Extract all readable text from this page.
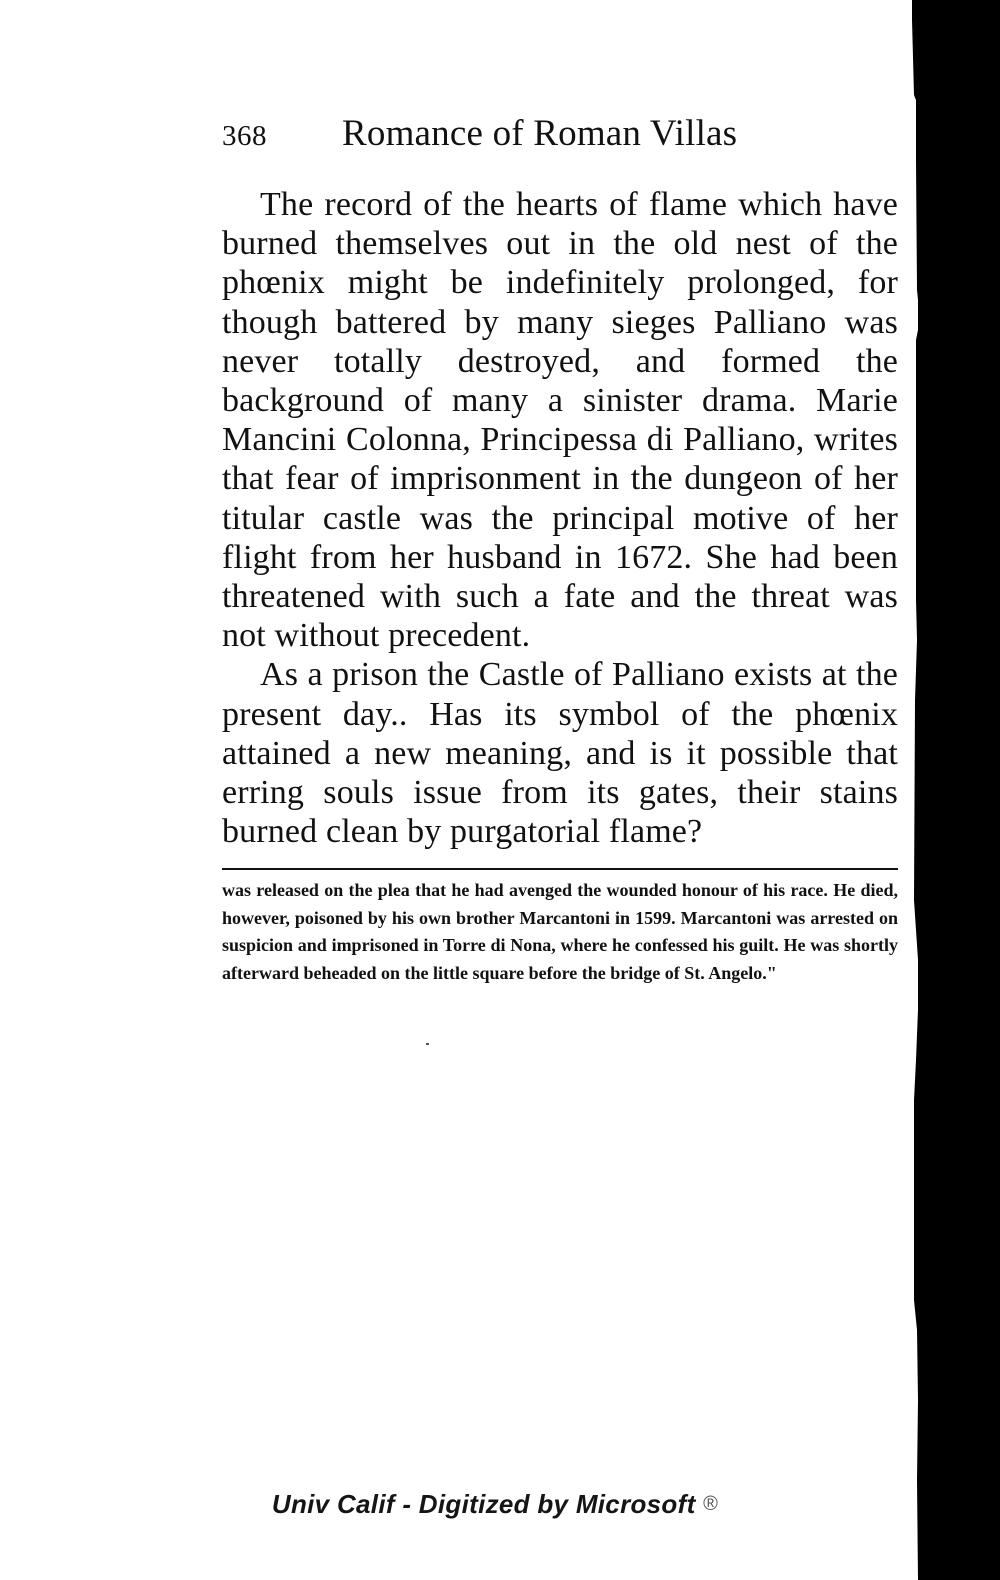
368 Romance of Roman Villas

The record of the hearts of flame which have burned themselves out in the old nest of the phœnix might be indefinitely prolonged, for though battered by many sieges Palliano was never totally destroyed, and formed the background of many a sinister drama. Marie Mancini Colonna, Principessa di Palliano, writes that fear of imprisonment in the dungeon of her titular castle was the principal motive of her flight from her husband in 1672. She had been threatened with such a fate and the threat was not without precedent.

As a prison the Castle of Palliano exists at the present day.. Has its symbol of the phœnix attained a new meaning, and is it possible that erring souls issue from its gates, their stains burned clean by purgatorial flame?

was released on the plea that he had avenged the wounded honour of his race. He died, however, poisoned by his own brother Marcantoni in 1599. Marcantoni was arrested on suspicion and imprisoned in Torre di Nona, where he confessed his guilt. He was shortly afterward beheaded on the little square before the bridge of St. Angelo."

Univ Calif - Digitized by Microsoft ®
